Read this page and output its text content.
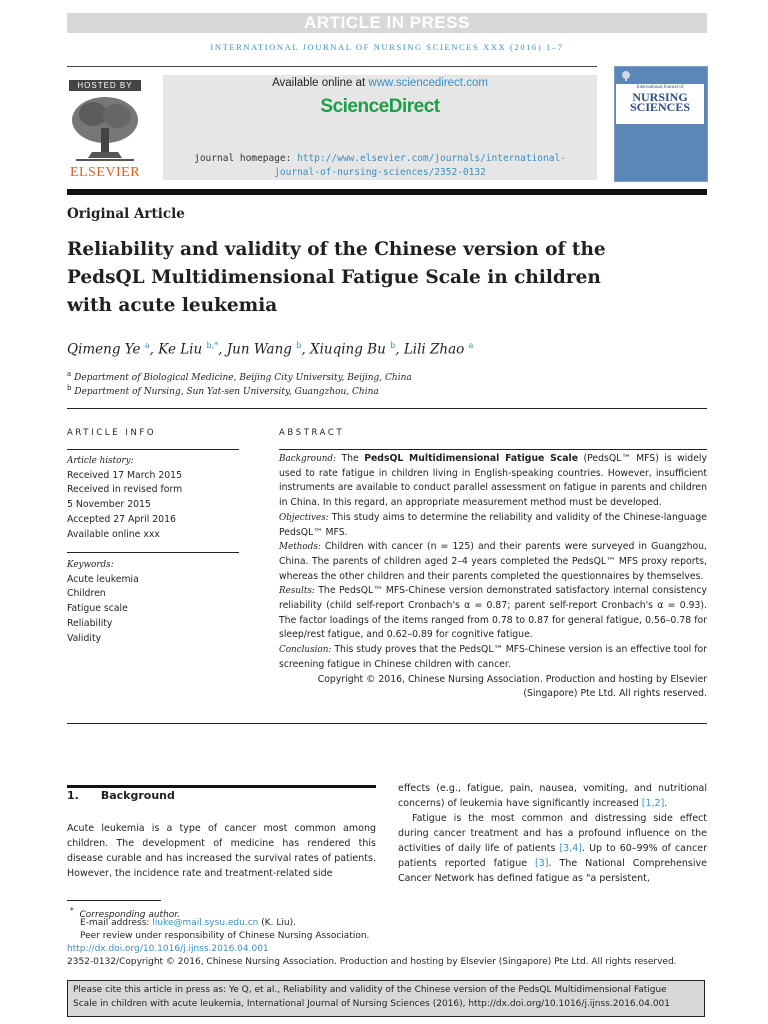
ARTICLE IN PRESS
INTERNATIONAL JOURNAL OF NURSING SCIENCES XXX (2016) 1–7
HOSTED BY
ELSEVIER
Available online at www.sciencedirect.com
ScienceDirect
journal homepage: http://www.elsevier.com/journals/international-
journal-of-nursing-sciences/2352-0132
International Journal of
NURSING
SCIENCES
Original Article
Reliability and validity of the Chinese version of the
PedsQL Multidimensional Fatigue Scale in children
with acute leukemia
Qimeng Ye $^a$, Ke Liu $^{b,*}$, Jun Wang $^b$, Xiuqing Bu $^b$, Lili Zhao $^a$
$^a$ Department of Biological Medicine, Beijing City University, Beijing, China
$^b$ Department of Nursing, Sun Yat-sen University, Guangzhou, China
ARTICLE INFO
Article history:
Received 17 March 2015
Received in revised form
5 November 2015
Accepted 27 April 2016
Available online xxx
Keywords:
Acute leukemia
Children
Fatigue scale
Reliability
Validity
ABSTRACT

Background: The PedsQL Multidimensional Fatigue Scale (PedsQL™ MFS) is widely used to rate fatigue in children living in English-speaking countries. However, insufficient instruments are available to conduct parallel assessment on fatigue in parents and children in China. In this regard, an appropriate measurement method must be developed.

Objectives: This study aims to determine the reliability and validity of the Chinese-language PedsQL™ MFS.

Methods: Children with cancer (n = 125) and their parents were surveyed in Guangzhou, China. The parents of children aged 2–4 years completed the PedsQL™ MFS proxy reports, whereas the other children and their parents completed the questionnaires by themselves.

Results: The PedsQL™ MFS-Chinese version demonstrated satisfactory internal consistency reliability (child self-report Cronbach's α = 0.87; parent self-report Cronbach's α = 0.93). The factor loadings of the items ranged from 0.78 to 0.87 for general fatigue, 0.56–0.78 for sleep/rest fatigue, and 0.62–0.89 for cognitive fatigue.

Conclusion: This study proves that the PedsQL™ MFS-Chinese version is an effective tool for screening fatigue in Chinese children with cancer.

Copyright © 2016, Chinese Nursing Association. Production and hosting by Elsevier
(Singapore) Pte Ltd. All rights reserved.

1. Background
Acute leukemia is a type of cancer most common among children. The development of medicine has rendered this disease curable and has increased the survival rates of patients. However, the incidence rate and treatment-related side
effects (e.g., fatigue, pain, nausea, vomiting, and nutritional concerns) of leukemia have significantly increased [1,2].
Fatigue is the most common and distressing side effect during cancer treatment and has a profound influence on the activities of daily life of patients [3,4]. Up to 60–99% of cancer patients reported fatigue [3]. The National Comprehensive Cancer Network has defined fatigue as "a persistent,
* Corresponding author.
E-mail address: liuke@mail.sysu.edu.cn (K. Liu).
Peer review under responsibility of Chinese Nursing Association.
http://dx.doi.org/10.1016/j.ijnss.2016.04.001
2352-0132/Copyright © 2016, Chinese Nursing Association. Production and hosting by Elsevier (Singapore) Pte Ltd. All rights reserved.
Please cite this article in press as: Ye Q, et al., Reliability and validity of the Chinese version of the PedsQL Multidimensional Fatigue
Scale in children with acute leukemia, International Journal of Nursing Sciences (2016), http://dx.doi.org/10.1016/j.ijnss.2016.04.001
